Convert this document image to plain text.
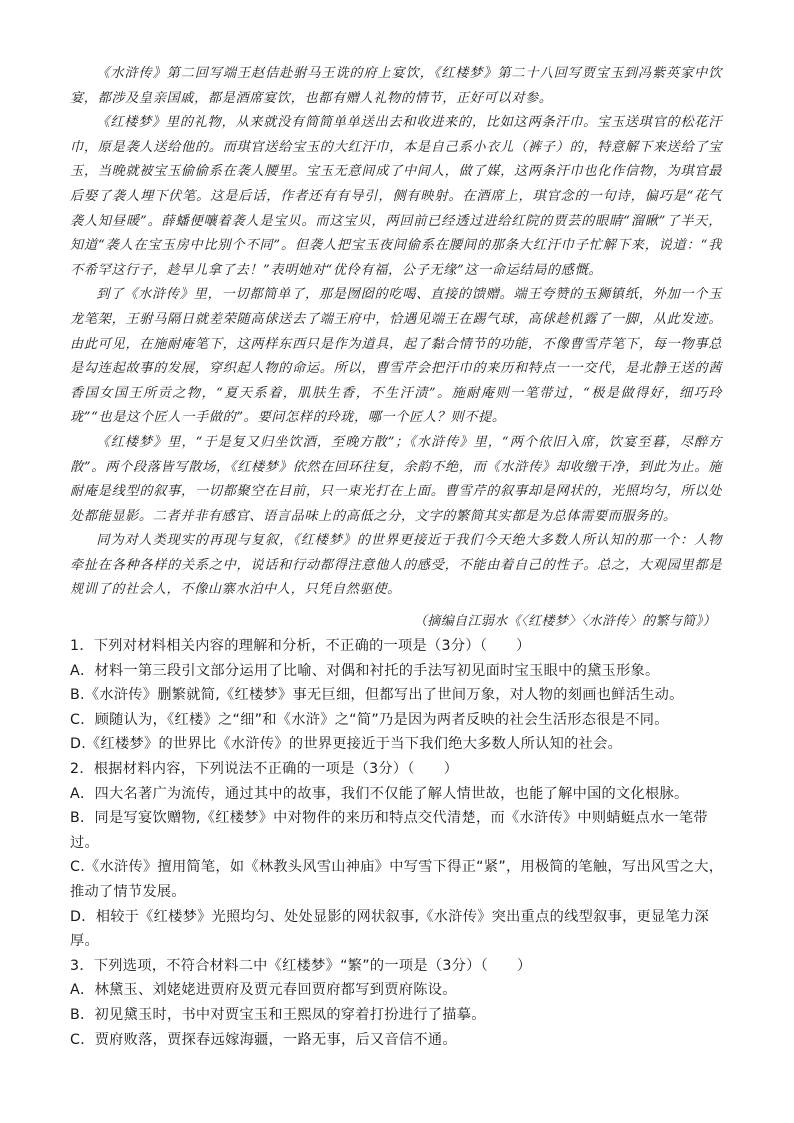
《水浒传》第二回写端王赵佶赴驸马王诜的府上宴饮，《红楼梦》第二十八回写贾宝玉到冯紫英家中饮宴，都涉及皇亲国戚，都是酒席宴饮，也都有赠人礼物的情节，正好可以对参。

《红楼梦》里的礼物，从来就没有简简单单送出去和收进来的，比如这两条汗巾。宝玉送琪官的松花汗巾，原是袭人送给他的。而琪官送给宝玉的大红汗巾，本是自己系小衣儿（裤子）的，特意解下来送给了宝玉，当晚就被宝玉偷偷系在袭人腰里。宝玉无意间成了中间人，做了媒，这两条汗巾也化作信物，为琪官最后娶了袭人埋下伏笔。这是后话，作者还有有导引，侧有映射。在酒席上，琪官念的一句诗，偏巧是“花气袭人知昼暖”。薛蟠便嚷着袭人是宝贝。而这宝贝，两回前已经透过进给红院的贾芸的眼睛“溜瞅”了半天，知道“袭人在宝玉房中比别个不同”。但袭人把宝玉夜间偷系在腰间的那条大红汗巾子忙解下来，说道：“我不希罕这行子，趁早儿拿了去！”表明她对“优伶有福，公子无缘”这一命运结局的感慨。

到了《水浒传》里，一切都简单了，那是囫囵的吃喝、直接的馈赠。端王夸赞的玉狮镇纸，外加一个玉龙笔架，王驸马隔日就差荣随高俅送去了端王府中，恰遇见端王在踢气球，高俅趁机露了一脚，从此发迹。由此可见，在施耐庵笔下，这两样东西只是作为道具，起了黏合情节的功能，不像曹雪芹笔下，每一物事总是勾连起故事的发展，穿织起人物的命运。所以，曹雪芹会把汗巾的来历和特点一一交代，是北静王送的茜香国女国王所贡之物，“夏天系着，肌肤生香，不生汗渍”。施耐庵则一笔带过，“极是做得好，细巧玲珑”“也是这个匠人一手做的”。要问怎样的玲珑，哪一个匠人？则不提。

《红楼梦》里，“于是复又归坐饮酒，至晚方散”；《水浒传》里，“两个依旧入席，饮宴至暮，尽醉方散”。两个段落皆写散场，《红楼梦》依然在回环往复，余韵不绝，而《水浒传》却收缴干净，到此为止。施耐庵是线型的叙事，一切都聚空在目前，只一束光打在上面。曹雪芹的叙事却是网状的，光照均匀，所以处处都能显影。二者并非有感官、语言品味上的高低之分，文字的繁简其实都是为总体需要而服务的。

同为对人类现实的再现与复叙，《红楼梦》的世界更接近于我们今天绝大多数人所认知的那一个：人物牵扯在各种各样的关系之中，说话和行动都得注意他人的感受，不能由着自己的性子。总之，大观园里都是规训了的社会人，不像山寨水泊中人，只凭自然驱使。

（摘编自江弱水《〈红楼梦〉〈水浒传〉的繁与简》）

1．下列对材料相关内容的理解和分析，不正确的一项是（3分）（　　）

A．材料一第三段引文部分运用了比喻、对偶和衬托的手法写初见面时宝玉眼中的黛玉形象。

B.《水浒传》删繁就简,《红楼梦》事无巨细，但都写出了世间万象，对人物的刻画也鲜活生动。

C．顾随认为，《红楼》之“细”和《水浒》之“简”乃是因为两者反映的社会生活形态很是不同。

D.《红楼梦》的世界比《水浒传》的世界更接近于当下我们绝大多数人所认知的社会。

2．根据材料内容，下列说法不正确的一项是（3分）（　　）

A．四大名著广为流传，通过其中的故事，我们不仅能了解人情世故，也能了解中国的文化根脉。

B．同是写宴饮赠物,《红楼梦》中对物件的来历和特点交代清楚，而《水浒传》中则蜻蜓点水一笔带过。

C.《水浒传》擅用简笔，如《林教头风雪山神庙》中写雪下得正“紧”，用极简的笔触，写出风雪之大，推动了情节发展。

D．相较于《红楼梦》光照均匀、处处显影的网状叙事,《水浒传》突出重点的线型叙事，更显笔力深厚。

3．下列选项，不符合材料二中《红楼梦》“繁”的一项是（3分）（　　）

A．林黛玉、刘姥姥进贾府及贾元春回贾府都写到贾府陈设。

B．初见黛玉时，书中对贾宝玉和王熙凤的穿着打扮进行了描摹。

C．贾府败落，贾探春远嫁海疆，一路无事，后又音信不通。
